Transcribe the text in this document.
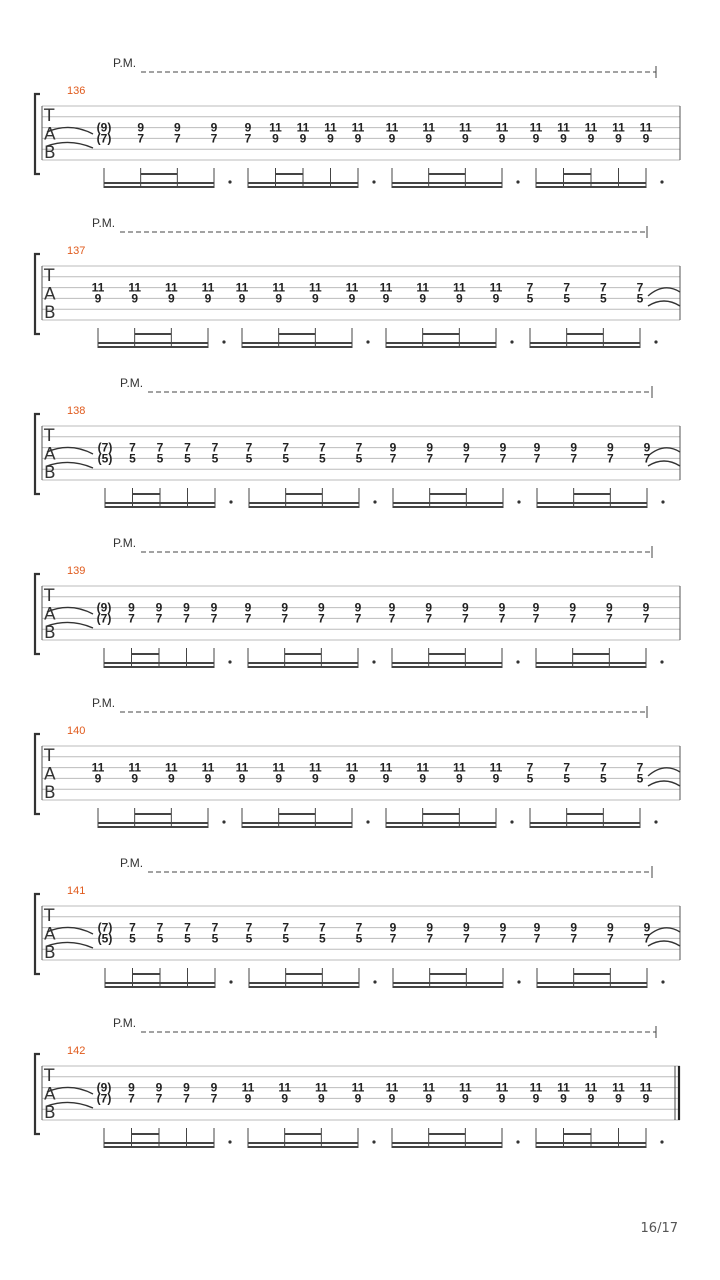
P.M.
136
T
A
B
(9)
(7)
9
7
9
7
9
7
9
7
11
9
11
9
11
9
11
9
11
9
11
9
11
9
11
9
11
9
11
9
11
9
11
9
11
9
P.M.
137
T
A
B
11
9
11
9
11
9
11
9
11
9
11
9
11
9
11
9
11
9
11
9
11
9
11
9
7
5
7
5
7
5
7
5
P.M.
138
T
A
B
(7)
(5)
7
5
7
5
7
5
7
5
7
5
7
5
7
5
7
5
9
7
9
7
9
7
9
7
9
7
9
7
9
7
9
7
P.M.
139
T
A
B
(9)
(7)
9
7
9
7
9
7
9
7
9
7
9
7
9
7
9
7
9
7
9
7
9
7
9
7
9
7
9
7
9
7
9
7
P.M.
140
T
A
B
11
9
11
9
11
9
11
9
11
9
11
9
11
9
11
9
11
9
11
9
11
9
11
9
7
5
7
5
7
5
7
5
P.M.
141
T
A
B
(7)
(5)
7
5
7
5
7
5
7
5
7
5
7
5
7
5
7
5
9
7
9
7
9
7
9
7
9
7
9
7
9
7
9
7
P.M.
142
T
A
B
(9)
(7)
9
7
9
7
9
7
9
7
11
9
11
9
11
9
11
9
11
9
11
9
11
9
11
9
11
9
11
9
11
9
11
9
11
9
16/17
